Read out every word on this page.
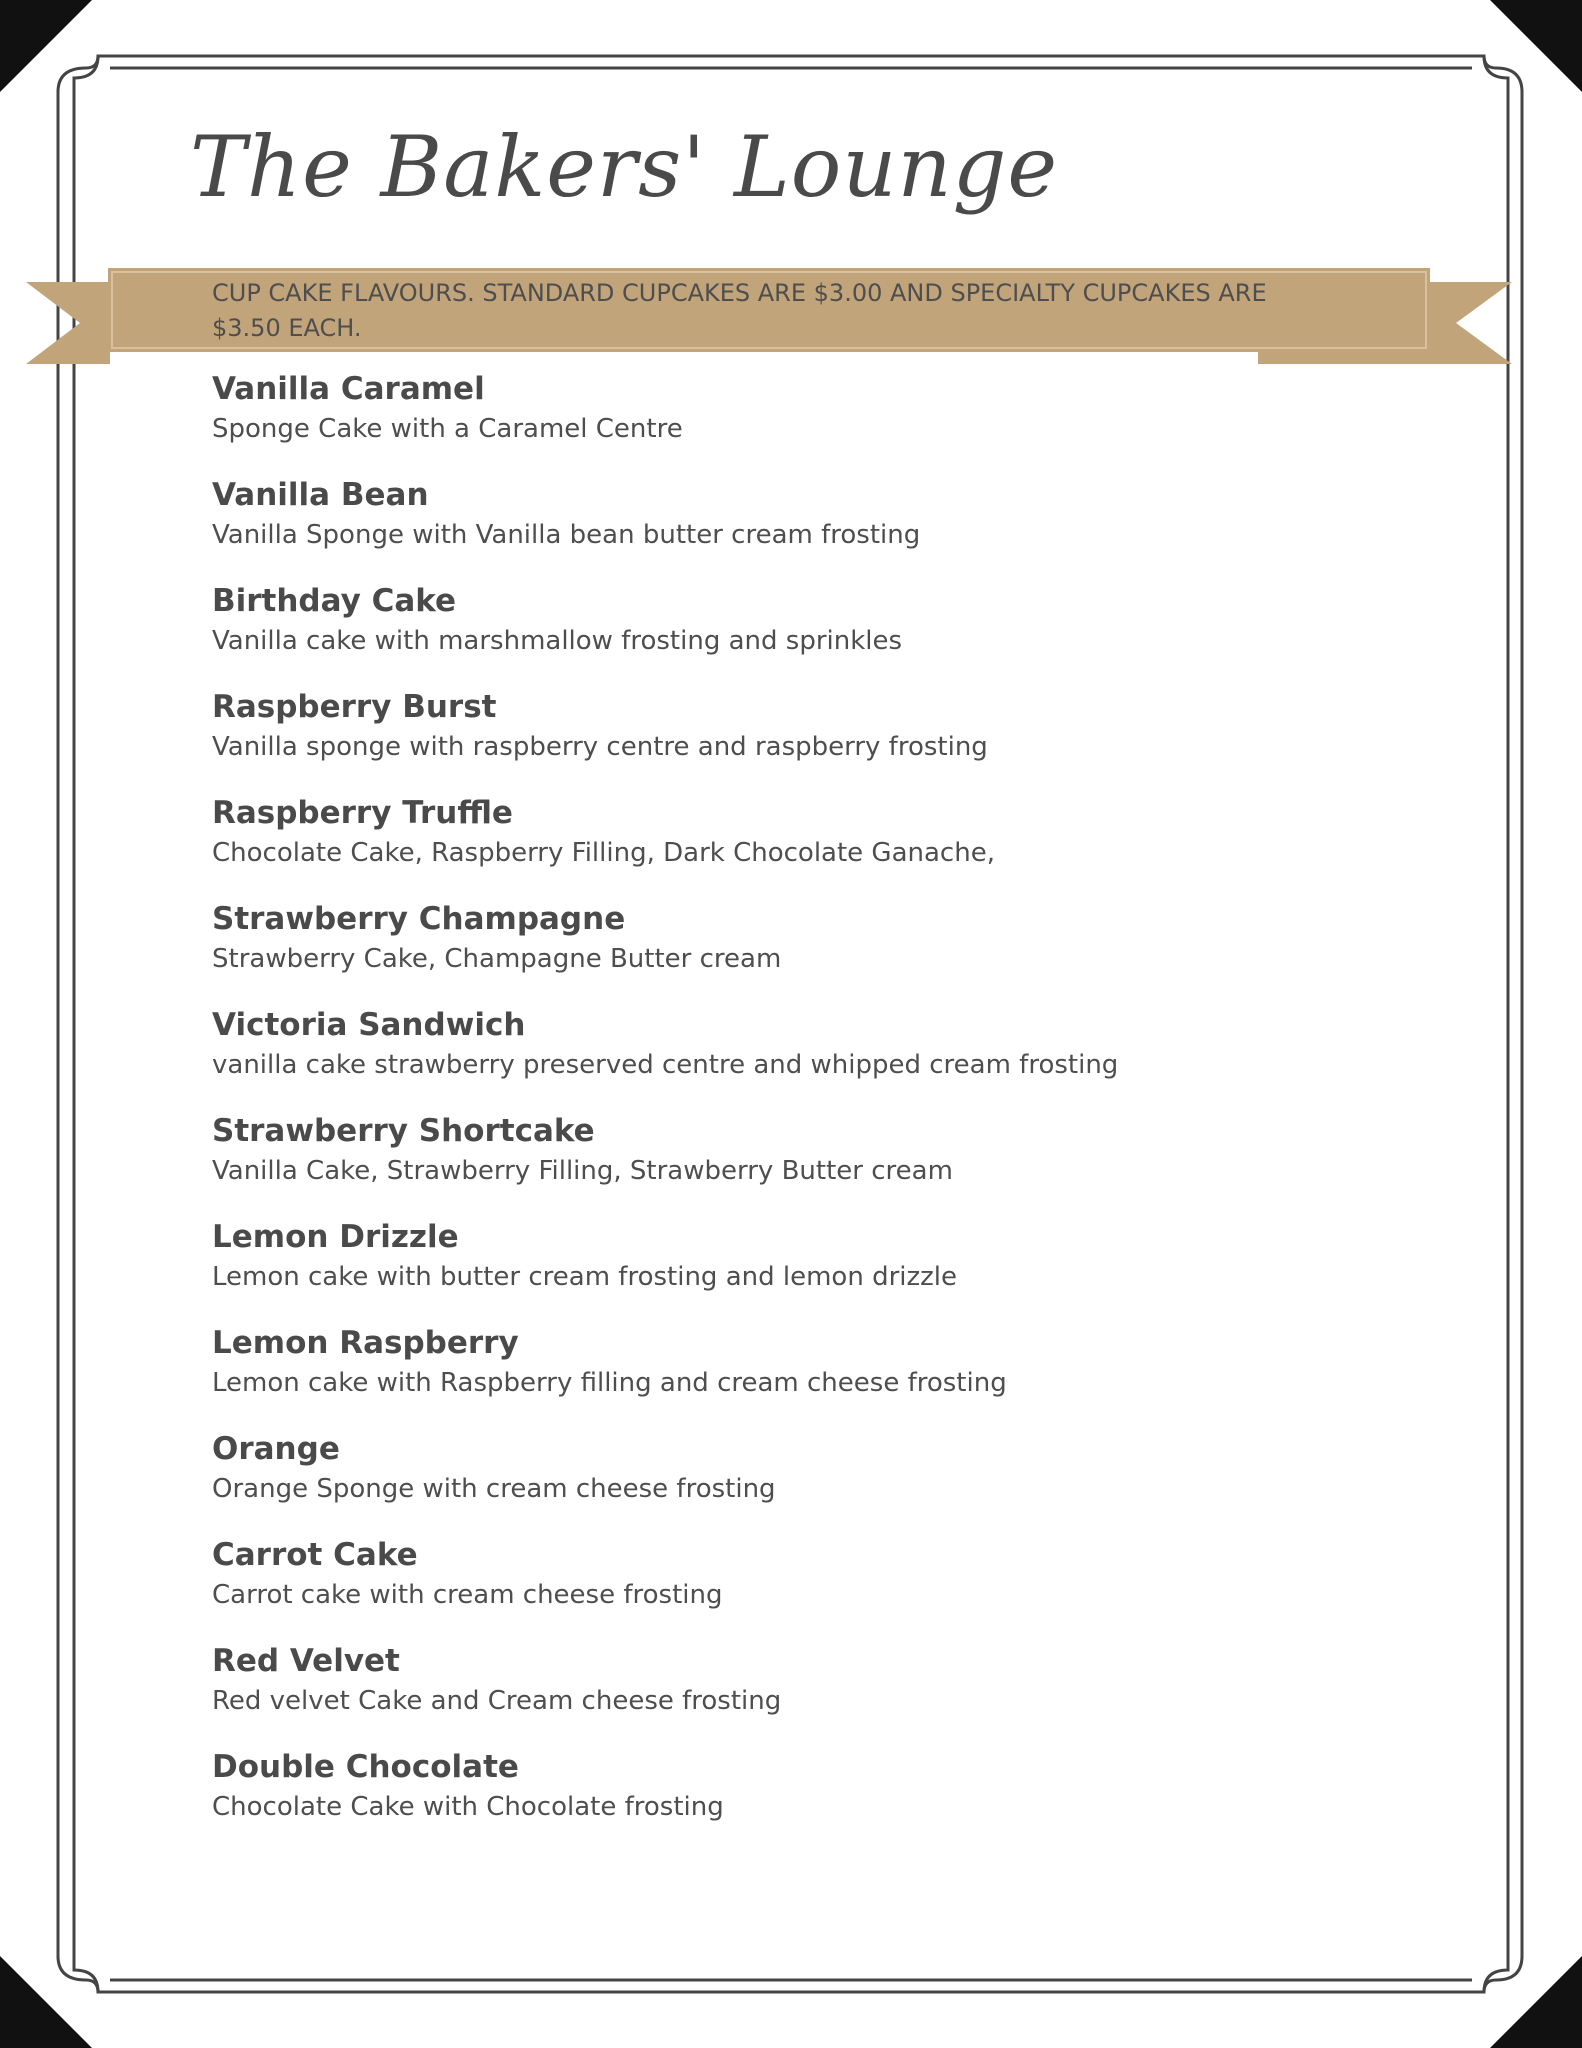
The Bakers' Lounge
CUP CAKE FLAVOURS. STANDARD CUPCAKES ARE $3.00 AND SPECIALTY CUPCAKES ARE $3.50 EACH.
Vanilla Caramel
Sponge Cake with a Caramel Centre
Vanilla Bean
Vanilla Sponge with Vanilla bean butter cream frosting
Birthday Cake
Vanilla cake with marshmallow frosting and sprinkles
Raspberry Burst
Vanilla sponge with raspberry centre and raspberry frosting
Raspberry Truffle
Chocolate Cake, Raspberry Filling, Dark Chocolate Ganache,
Strawberry Champagne
Strawberry Cake, Champagne Butter cream
Victoria Sandwich
vanilla cake strawberry preserved centre and whipped cream frosting
Strawberry Shortcake
Vanilla Cake, Strawberry Filling, Strawberry Butter cream
Lemon Drizzle
Lemon cake with butter cream frosting and lemon drizzle
Lemon Raspberry
Lemon cake with Raspberry filling and cream cheese frosting
Orange
Orange Sponge with cream cheese frosting
Carrot Cake
Carrot cake with cream cheese frosting
Red Velvet
Red velvet Cake and Cream cheese frosting
Double Chocolate
Chocolate Cake with Chocolate frosting
